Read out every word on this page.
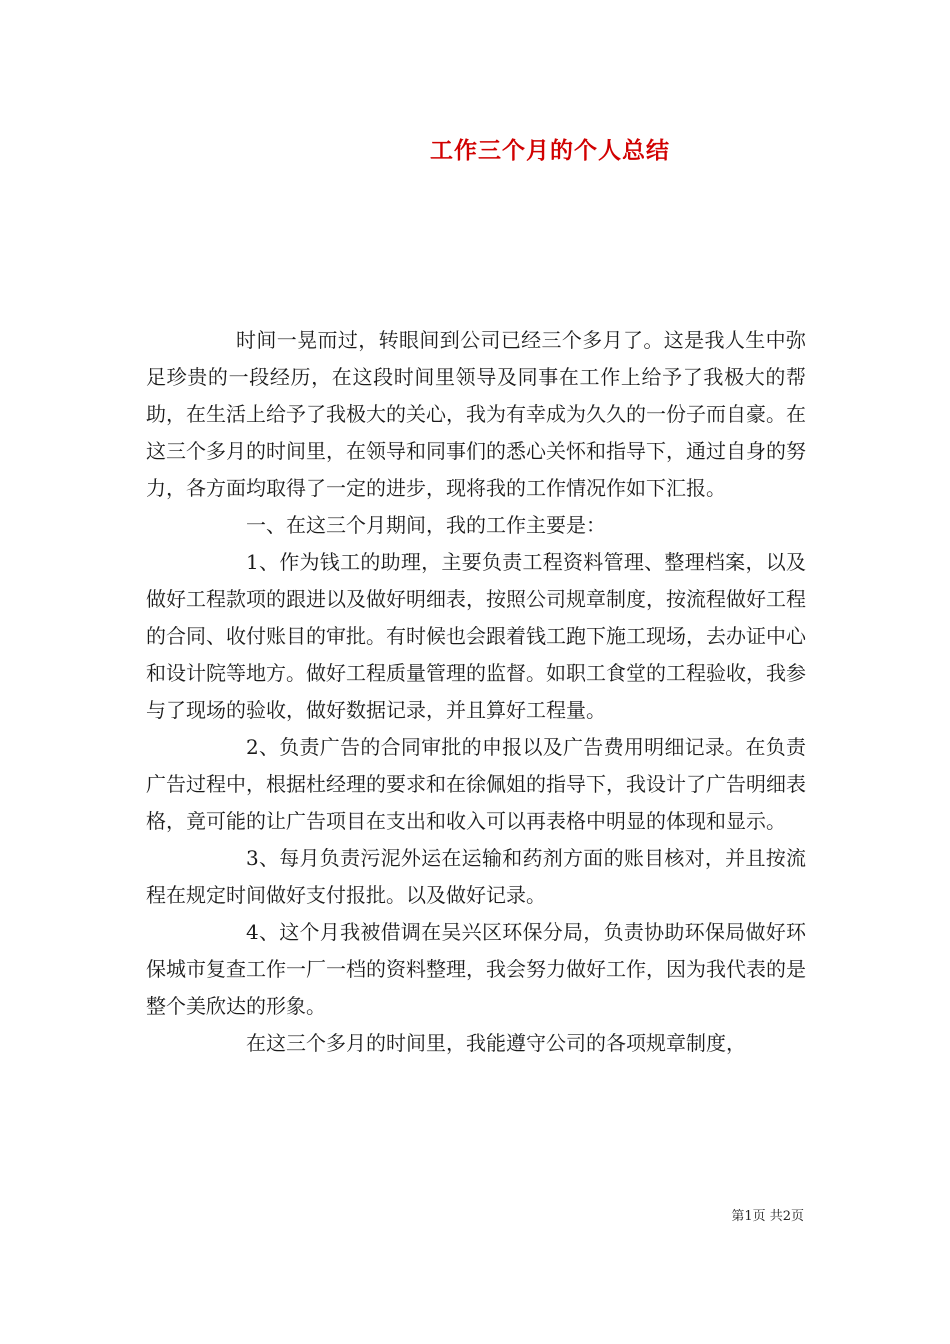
工作三个月的个人总结

时间一晃而过，转眼间到公司已经三个多月了。这是我人生中弥足珍贵的一段经历，在这段时间里领导及同事在工作上给予了我极大的帮助，在生活上给予了我极大的关心，我为有幸成为久久的一份子而自豪。在这三个多月的时间里，在领导和同事们的悉心关怀和指导下，通过自身的努力，各方面均取得了一定的进步，现将我的工作情况作如下汇报。

一、在这三个月期间，我的工作主要是：

1、作为钱工的助理，主要负责工程资料管理、整理档案，以及做好工程款项的跟进以及做好明细表，按照公司规章制度，按流程做好工程的合同、收付账目的审批。有时候也会跟着钱工跑下施工现场，去办证中心和设计院等地方。做好工程质量管理的监督。如职工食堂的工程验收，我参与了现场的验收，做好数据记录，并且算好工程量。

2、负责广告的合同审批的申报以及广告费用明细记录。在负责广告过程中，根据杜经理的要求和在徐佩姐的指导下，我设计了广告明细表格，竟可能的让广告项目在支出和收入可以再表格中明显的体现和显示。

3、每月负责污泥外运在运输和药剂方面的账目核对，并且按流程在规定时间做好支付报批。以及做好记录。

4、这个月我被借调在吴兴区环保分局，负责协助环保局做好环保城市复查工作一厂一档的资料整理，我会努力做好工作，因为我代表的是整个美欣达的形象。

在这三个多月的时间里，我能遵守公司的各项规章制度，

第1页 共2页
